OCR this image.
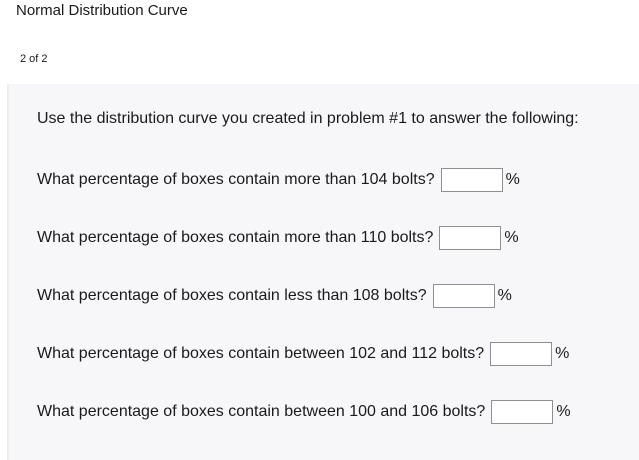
Normal Distribution Curve
2 of 2
Use the distribution curve you created in problem #1 to answer the following:
What percentage of boxes contain more than 104 bolts?	%
What percentage of boxes contain more than 110 bolts?	%
What percentage of boxes contain less than 108 bolts?	%
What percentage of boxes contain between 102 and 112 bolts?	%
What percentage of boxes contain between 100 and 106 bolts?	%
